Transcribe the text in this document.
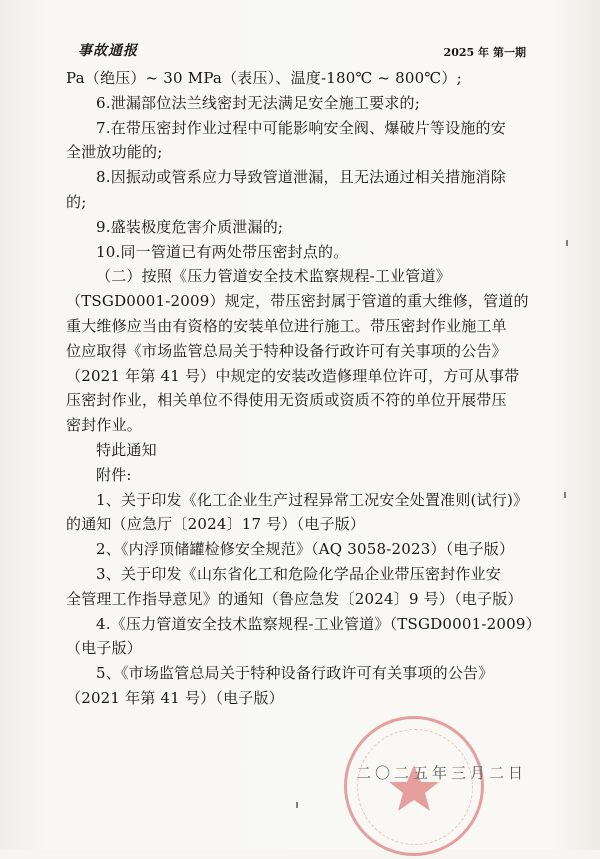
事故通报	2025 年 第一期
Pa（绝压）~ 30 MPa（表压）、温度-180℃ ~ 800℃）;
6.泄漏部位法兰线密封无法满足安全施工要求的;
7.在带压密封作业过程中可能影响安全阀、爆破片等设施的安
全泄放功能的;
8.因振动或管系应力导致管道泄漏，且无法通过相关措施消除
的;
9.盛装极度危害介质泄漏的;
10.同一管道已有两处带压密封点的。
（二）按照《压力管道安全技术监察规程-工业管道》
（TSGD0001-2009）规定，带压密封属于管道的重大维修，管道的
重大维修应当由有资格的安装单位进行施工。带压密封作业施工单
位应取得《市场监管总局关于特种设备行政许可有关事项的公告》
（2021 年第 41 号）中规定的安装改造修理单位许可，方可从事带
压密封作业，相关单位不得使用无资质或资质不符的单位开展带压
密封作业。
特此通知
附件:
1、关于印发《化工企业生产过程异常工况安全处置准则(试行)》
的通知（应急厅〔2024〕17 号）（电子版）
2、《内浮顶储罐检修安全规范》（AQ 3058-2023）（电子版）
3、关于印发《山东省化工和危险化学品企业带压密封作业安
全管理工作指导意见》的通知（鲁应急发〔2024〕9 号）（电子版）
4.《压力管道安全技术监察规程-工业管道》（TSGD0001-2009）
（电子版）
5、《市场监管总局关于特种设备行政许可有关事项的公告》
（2021 年第 41 号）（电子版）
二〇二五年三月二日
